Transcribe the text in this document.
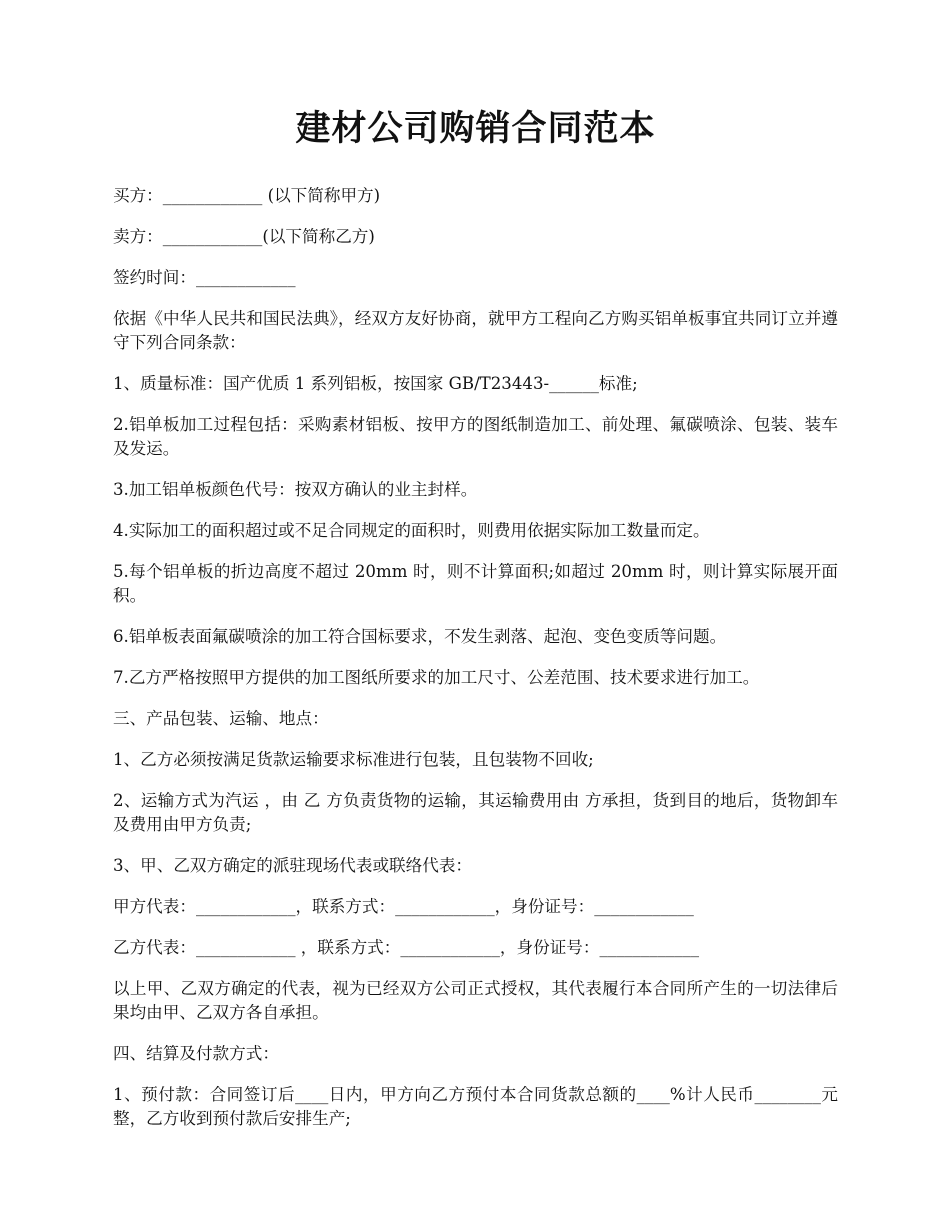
建材公司购销合同范本

买方：____________ (以下简称甲方)

卖方：____________(以下简称乙方)

签约时间：____________

依据《中华人民共和国民法典》，经双方友好协商，就甲方工程向乙方购买铝单板事宜共同订立并遵守下列合同条款：

1、质量标准：国产优质 1 系列铝板，按国家 GB/T23443-______标准;

2.铝单板加工过程包括：采购素材铝板、按甲方的图纸制造加工、前处理、氟碳喷涂、包装、装车及发运。

3.加工铝单板颜色代号：按双方确认的业主封样。

4.实际加工的面积超过或不足合同规定的面积时，则费用依据实际加工数量而定。

5.每个铝单板的折边高度不超过 20mm 时，则不计算面积;如超过 20mm 时，则计算实际展开面积。

6.铝单板表面氟碳喷涂的加工符合国标要求，不发生剥落、起泡、变色变质等问题。

7.乙方严格按照甲方提供的加工图纸所要求的加工尺寸、公差范围、技术要求进行加工。

三、产品包装、运输、地点：

1、乙方必须按满足货款运输要求标准进行包装，且包装物不回收;

2、运输方式为汽运 ，由 乙 方负责货物的运输，其运输费用由 方承担，货到目的地后，货物卸车及费用由甲方负责;

3、甲、乙双方确定的派驻现场代表或联络代表：

甲方代表：____________，联系方式：____________，身份证号：____________

乙方代表：____________ ，联系方式：____________，身份证号：____________

以上甲、乙双方确定的代表，视为已经双方公司正式授权，其代表履行本合同所产生的一切法律后果均由甲、乙双方各自承担。

四、结算及付款方式：

1、预付款：合同签订后____日内，甲方向乙方预付本合同货款总额的____%计人民币________元整，乙方收到预付款后安排生产;
